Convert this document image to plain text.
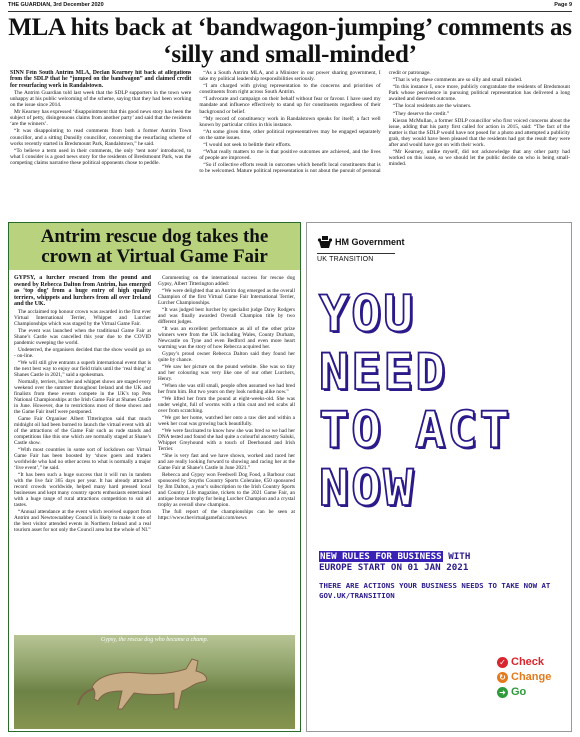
THE GUARDIAN, 3rd December 2020	Page 9
MLA hits back at ‘bandwagon-jumping’ comments as ‘silly and small-minded’

SINN Féin South Antrim MLA, Declan Kearney hit back at allegations from the SDLP that he “jumped on the bandwagon” and claimed credit for resurfacing work in Randalstown.

The Antrim Guardian told last week that the SDLP supporters in the town were unhappy at his public welcoming of the scheme, saying that they had been working on the issue since 2014.

Mr Kearney has expressed ‘disappointment that this good news story has been the subject of petty, disingenuous claims from another party’ and said that the residents ‘are the winners’.

“It was disappointing to read comments from both a former Antrim Town councillor, and a sitting Dunsilly councillor, concerning the resurfacing scheme of works recently started in Bredsmount Park, Randalstown,” he said.

“To believe a term used in their comments, the only ‘tent note’ introduced, to what I consider is a good news story for the residents of Bredsmount Park, was the competing claims narrative these political opponents chose to peddle.

“As a South Antrim MLA, and a Minister in our power sharing government, I take my political leadership responsibilities seriously.

“I am charged with giving representation to the concerns and priorities of constituents from right across South Antrim.

“I advocate and campaign on their behalf without fear or favour. I have used my mandate and influence effectively to stand up for constituents regardless of their background or belief.

“My record of constituency work in Randalstown speaks for itself; a fact well known by particular critics in this instance.

“At some given time, other political representatives may be engaged separately on the same issues.

“I would not seek to belittle their efforts.

“What really matters to me is that positive outcomes are achieved, and the lives of people are improved.

“So if collective efforts result in outcomes which benefit local constituents that is to be welcomed. Mature political representation is not about the pursuit of personal credit or patronage.

“That is why these comments are so silly and small minded.

“In this instance I, once more, publicly congratulate the residents of Bredsmount Park whose persistence in pursuing political representation has delivered a long awaited and deserved outcome.

“The local residents are the winners.

“They deserve the credit.”

Kieran McMullan, a former SDLP councillor who first voiced concerns about the issue, adding that his party first called for action in 2015, said: “The fact of the matter is that the SDLP would have not posed for a photo and attempted a publicity grab, they would have been pleased that the residents had got the result they were after and would have got on with their work.

“Mr Kearney, unlike myself, did not acknowledge that any other party had worked on this issue, so we should let the public decide on who is being small-minded.

Antrim rescue dog takes the crown at Virtual Game Fair

GYPSY, a lurcher rescued from the pound and owned by Rebecca Dalton from Antrim, has emerged as ‘top dog’ from a huge entry of high quality terriers, whippets and lurchers from all over Ireland and the UK.

The acclaimed top honour crown was awarded in the first ever Virtual International Terrier, Whippet and Lurcher Championships which was staged by the Virtual Game Fair.

The event was launched when the traditional Game Fair at Shane’s Castle was cancelled this year due to the COVID pandemic sweeping the world.

Undeterred, the organisers decided that the show would go on - on-line.

“We will still give entrants a superb international event that is the next best way to enjoy our field trials until the ‘real thing’ at Shanes Castle in 2021,” said a spokesman.

Normally, terriers, lurcher and whippet shows are staged every weekend over the summer throughout Ireland and the UK and finalists from these events compete in the UK’s top Pets National Championships at the Irish Game Fair at Shanes Castle in June. However, due to restrictions most of these shows and the Game Fair itself were postponed.

Game Fair Organiser Albert Titterington said that much midnight oil had been burned to launch the virtual event with all of the attractions of the Game Fair such as rude stands and competitions like this one which are normally staged at Shane’s Castle show.

“With most countries in some sort of lockdown our Virtual Game Fair has been boosted by ‘show goers and traders worldwide who had no other access to what is normally a major ‘live event’,” he said.

“It has been such a huge success that it will run in tandem with the live fair 365 days per year. It has already attracted record crowds worldwide, helped many hard pressed local businesses and kept many country sports enthusiasts entertained with a huge range of rural attractions competition to suit all tastes.

“Annual attendance at the event which received support from Antrim and Newtownabbey Council is likely to make it one of the best visitor attended events in Northern Ireland and a real tourism asset for not only the Council area but the whole of NI.”

Commenting on the international success for rescue dog Gypsy, Albert Titterington added:

“We were delighted that an Antrim dog emerged as the overall Champion of the first Virtual Game Fair International Terrier, Lurcher Championships.

“It was judged best lurcher by specialist judge Davy Rodgers and was finally awarded Overall Champion title by two different judges.

“It was an excellent performance as all of the other prize winners were from the UK including Wales, County Durham, Newcastle on Tyne and even Bedford and even more heart warming was the story of how Rebecca acquired her.

Gypsy’s proud owner Rebecca Dalton said they found her quite by chance.

“We saw her picture on the pound website. She was so tiny and her colouring was very like one of our other Lurchers, Henry.

“When she was still small, people often assumed we had bred her from him. But two years on they look nothing alike now.”

“We lifted her from the pound at eight-weeks-old. She was under weight, full of worms with a thin coat and red scabs all over from scratching.

“We got her home, watched her onto a raw diet and within a week her coat was growing back beautifully.

“We were fascinated to know how she was bred so we had her DNA tested and found she had quite a colourful ancestry Saluki, Whippet Greyhound with a touch of Deerhound and Irish Terrier.

“She is very fast and we have shown, worked and raced her and are really looking forward to showing and racing her at the Game Fair at Shane’s Castle in June 2021.”

Rebecca and Gypsy won Feedwell Dog Food, a Barbour coat sponsored by Smyths Country Sports Coleraine, €50 sponsored by Jim Dalton, a year’s subscription to the Irish Country Sports and Country Life magazine, tickets to the 2021 Game Fair, an antique bronze trophy for being Lurcher Champion and a crystal trophy as overall show champion.

The full report of the championships can be seen at https://www.thevirtualgamefair.com/news

Gypsy, the rescue dog who became a champ.
HM Government
UK TRANSITION
YOU
NEED
TO ACT
NOW
NEW RULES FOR BUSINESS WITH
EUROPE START ON 01 JAN 2021
THERE ARE ACTIONS YOUR BUSINESS NEEDS TO TAKE NOW AT GOV.UK/TRANSITION
✓ Check
↻ Change
➜ Go
